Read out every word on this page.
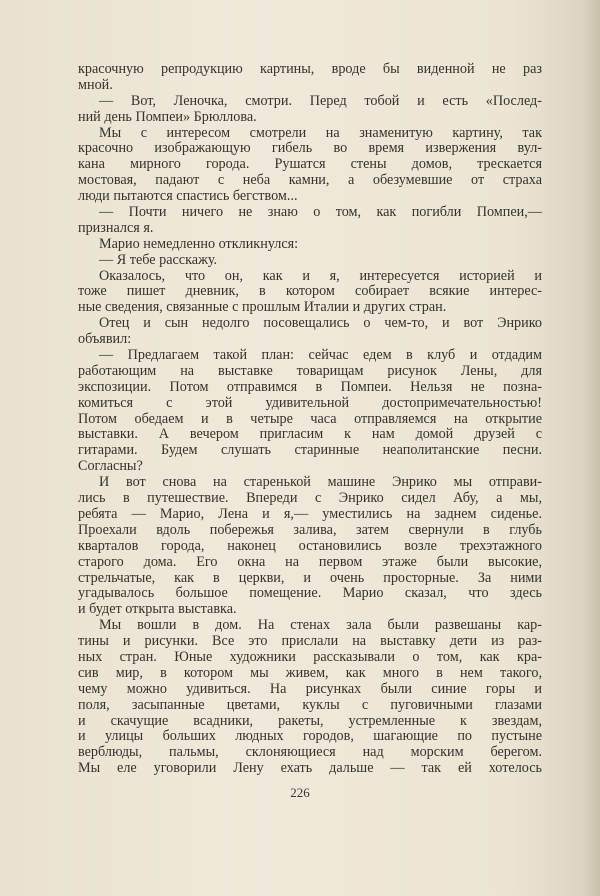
красочную репродукцию картины, вроде бы виденной не раз
мной.
— Вот, Леночка, смотри. Перед тобой и есть «Послед-
ний день Помпеи» Брюллова.
Мы с интересом смотрели на знаменитую картину, так
красочно изображающую гибель во время извержения вул-
кана мирного города. Рушатся стены домов, трескается
мостовая, падают с неба камни, а обезумевшие от страха
люди пытаются спастись бегством...
— Почти ничего не знаю о том, как погибли Помпеи,—
признался я.
Марио немедленно откликнулся:
— Я тебе расскажу.
Оказалось, что он, как и я, интересуется историей и
тоже пишет дневник, в котором собирает всякие интерес-
ные сведения, связанные с прошлым Италии и других стран.
Отец и сын недолго посовещались о чем-то, и вот Энрико
объявил:
— Предлагаем такой план: сейчас едем в клуб и отдадим
работающим на выставке товарищам рисунок Лены, для
экспозиции. Потом отправимся в Помпеи. Нельзя не позна-
комиться с этой удивительной достопримечательностью!
Потом обедаем и в четыре часа отправляемся на открытие
выставки. А вечером пригласим к нам домой друзей с
гитарами. Будем слушать старинные неаполитанские песни.
Согласны?
И вот снова на старенькой машине Энрико мы отправи-
лись в путешествие. Впереди с Энрико сидел Абу, а мы,
ребята — Марио, Лена и я,— уместились на заднем сиденье.
Проехали вдоль побережья залива, затем свернули в глубь
кварталов города, наконец остановились возле трехэтажного
старого дома. Его окна на первом этаже были высокие,
стрельчатые, как в церкви, и очень просторные. За ними
угадывалось большое помещение. Марио сказал, что здесь
и будет открыта выставка.
Мы вошли в дом. На стенах зала были развешаны кар-
тины и рисунки. Все это прислали на выставку дети из раз-
ных стран. Юные художники рассказывали о том, как кра-
сив мир, в котором мы живем, как много в нем такого,
чему можно удивиться. На рисунках были синие горы и
поля, засыпанные цветами, куклы с пуговичными глазами
и скачущие всадники, ракеты, устремленные к звездам,
и улицы больших людных городов, шагающие по пустыне
верблюды, пальмы, склоняющиеся над морским берегом.
Мы еле уговорили Лену ехать дальше — так ей хотелось
226
